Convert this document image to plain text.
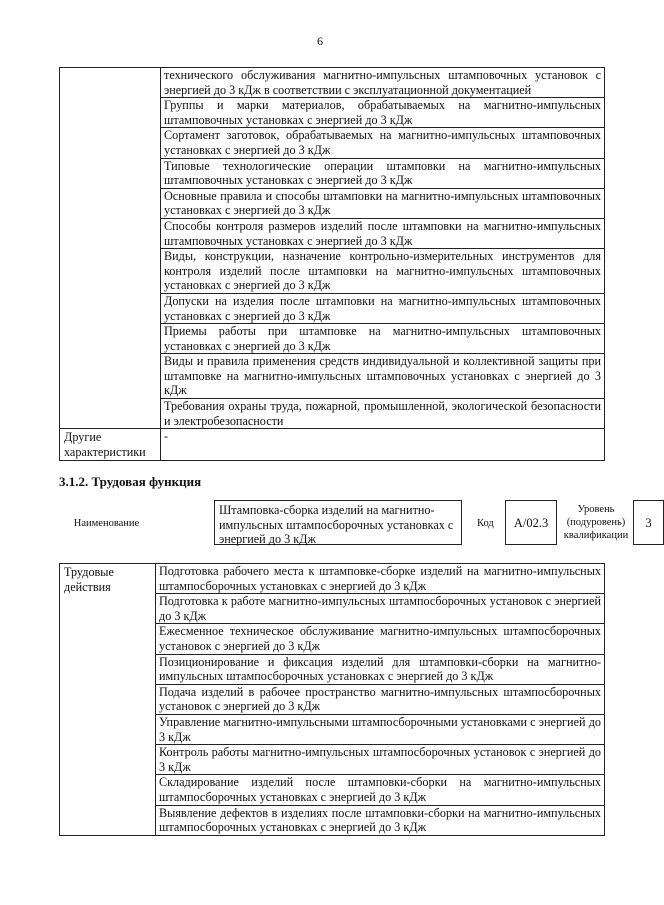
6
	технического обслуживания магнитно-импульсных штамповочных установок с энергией до 3 кДж в соответствии с эксплуатационной документацией
	Группы и марки материалов, обрабатываемых на магнитно-импульсных штамповочных установках с энергией до 3 кДж
	Сортамент заготовок, обрабатываемых на магнитно-импульсных штамповочных установках с энергией до 3 кДж
	Типовые технологические операции штамповки на магнитно-импульсных штамповочных установках с энергией до 3 кДж
	Основные правила и способы штамповки на магнитно-импульсных штамповочных установках с энергией до 3 кДж
	Способы контроля размеров изделий после штамповки на магнитно-импульсных штамповочных установках с энергией до 3 кДж
	Виды, конструкции, назначение контрольно-измерительных инструментов для контроля изделий после штамповки на магнитно-импульсных штамповочных установках с энергией до 3 кДж
	Допуски на изделия после штамповки на магнитно-импульсных штамповочных установках с энергией до 3 кДж
	Приемы работы при штамповке на магнитно-импульсных штамповочных установках с энергией до 3 кДж
	Виды и правила применения средств индивидуальной и коллективной защиты при штамповке на магнитно-импульсных штамповочных установках с энергией до 3 кДж
	Требования охраны труда, пожарной, промышленной, экологической безопасности и электробезопасности
Другие характеристики	-
3.1.2. Трудовая функция
Наименование
Штамповка-сборка изделий на магнитно-импульсных штампосборочных установках с энергией до 3 кДж
Код	А/02.3
Уровень (подуровень) квалификации
3
Трудовые действия	Подготовка рабочего места к штамповке-сборке изделий на магнитно-импульсных штампосборочных установках с энергией до 3 кДж
Подготовка к работе магнитно-импульсных штампосборочных установок с энергией до 3 кДж
Ежесменное техническое обслуживание магнитно-импульсных штампосборочных установок с энергией до 3 кДж
Позиционирование и фиксация изделий для штамповки-сборки на магнитно-импульсных штампосборочных установках с энергией до 3 кДж
Подача изделий в рабочее пространство магнитно-импульсных штампосборочных установок с энергией до 3 кДж
Управление магнитно-импульсными штампосборочными установками с энергией до 3 кДж
Контроль работы магнитно-импульсных штампосборочных установок с энергией до 3 кДж
Складирование изделий после штамповки-сборки на магнитно-импульсных штампосборочных установках с энергией до 3 кДж
Выявление дефектов в изделиях после штамповки-сборки на магнитно-импульсных штампосборочных установках с энергией до 3 кДж
